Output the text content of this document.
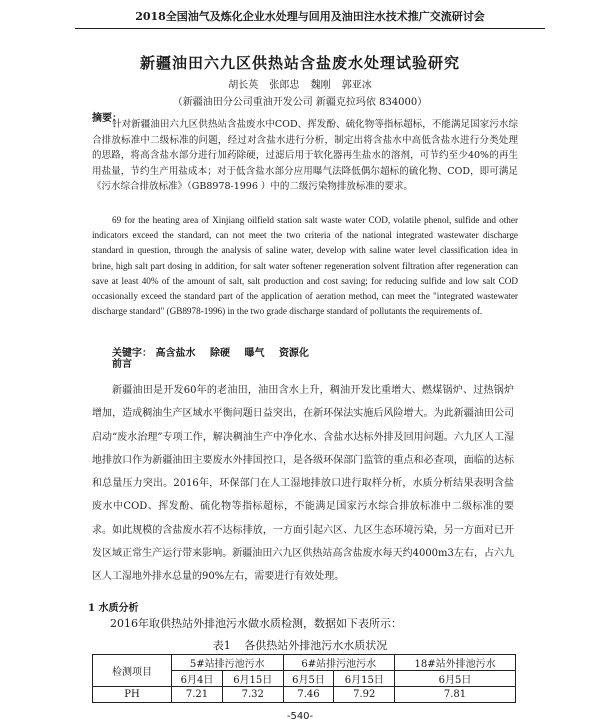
2018全国油气及炼化企业水处理与回用及油田注水技术推广交流研讨会
新疆油田六九区供热站含盐废水处理试验研究
胡长英 张郎忠 魏刚 郭亚冰
（新疆油田分公司重油开发公司 新疆克拉玛依 834000）
摘要：

针对新疆油田六九区供热站含盐废水中COD、挥发酚、硫化物等指标超标，不能满足国家污水综合排放标准中二级标准的问题，经过对含盐水进行分析，制定出将含盐水中高低含盐水进行分类处理的思路，将高含盐水部分进行加药除硬，过滤后用于软化器再生盐水的溶剂，可节约至少40%的再生用盐量，节约生产用盐成本；对于低含盐水部分应用曝气法降低偶尔超标的硫化物、COD，即可满足《污水综合排放标准》（GB8978-1996 ）中的二级污染物排放标准的要求。

69 for the heating area of Xinjiang oilfield station salt waste water COD, volatile phenol, sulfide and other indicators exceed the standard, can not meet the two criteria of the national integrated wastewater discharge standard in question, through the analysis of saline water, develop with saline water level classification idea in brine, high salt part dosing in addition, for salt water softener regeneration solvent filtration after regeneration can save at least 40% of the amount of salt, salt production and cost saving; for reducing sulfide and low salt COD occasionally exceed the standard part of the application of aeration method, can meet the "integrated wastewater discharge standard" (GB8978-1996) in the two grade discharge standard of pollutants the requirements of.

关键字： 高含盐水 除硬 曝气 资源化
前言

新疆油田是开发60年的老油田，油田含水上升，稠油开发比重增大、燃煤锅炉、过热锅炉增加，造成稠油生产区域水平衡问题日益突出，在新环保法实施后风险增大。为此新疆油田公司启动“废水治理”专项工作，解决稠油生产中净化水、含盐水达标外排及回用问题。六九区人工湿地排放口作为新疆油田主要废水外排国控口，是各级环保部门监管的重点和必查项，面临的达标和总量压力突出。2016年，环保部门在人工湿地排放口进行取样分析，水质分析结果表明含盐废水中COD、挥发酚、硫化物等指标超标，不能满足国家污水综合排放标准中二级标准的要求。如此规模的含盐废水若不达标排放，一方面引起六区、九区生态环境污染，另一方面对已开发区域正常生产运行带来影响。新疆油田六九区供热站高含盐废水每天约4000m3左右，占六九区人工湿地外排水总量的90%左右，需要进行有效处理。

1 水质分析
2016年取供热站外排池污水做水质检测，数据如下表所示：
表1 各供热站外排池污水水质状况
检测项目	5#站排污池污水		6#站排污池污水		18#站外排池污水
	6月4日	6月15日	6月5日	6月15日	6月5日
PH	7.21	7.32	7.46	7.92	7.81
-540-
